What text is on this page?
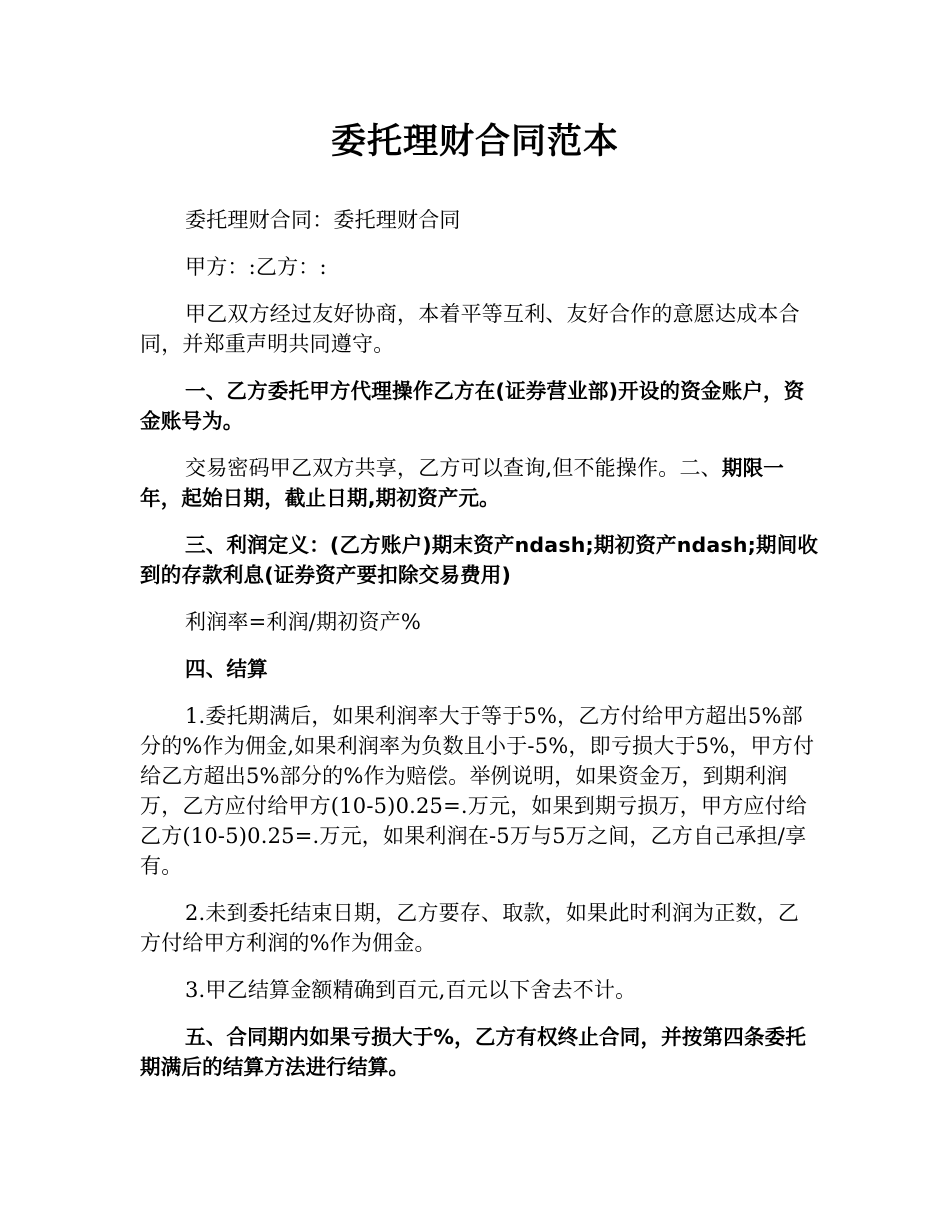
委托理财合同范本

委托理财合同：委托理财合同

甲方：:乙方：:

甲乙双方经过友好协商，本着平等互利、友好合作的意愿达成本合同，并郑重声明共同遵守。

一、乙方委托甲方代理操作乙方在(证券营业部)开设的资金账户，资金账号为。

交易密码甲乙双方共享，乙方可以查询,但不能操作。二、期限一年，起始日期，截止日期,期初资产元。

三、利润定义：(乙方账户)期末资产ndash;期初资产ndash;期间收到的存款利息(证券资产要扣除交易费用)

利润率=利润/期初资产%

四、结算

1.委托期满后，如果利润率大于等于5%，乙方付给甲方超出5%部分的%作为佣金,如果利润率为负数且小于-5%，即亏损大于5%，甲方付给乙方超出5%部分的%作为赔偿。举例说明，如果资金万，到期利润万，乙方应付给甲方(10-5)0.25=.万元，如果到期亏损万，甲方应付给乙方(10-5)0.25=.万元，如果利润在-5万与5万之间，乙方自己承担/享有。

2.未到委托结束日期，乙方要存、取款，如果此时利润为正数，乙方付给甲方利润的%作为佣金。

3.甲乙结算金额精确到百元,百元以下舍去不计。

五、合同期内如果亏损大于%，乙方有权终止合同，并按第四条委托期满后的结算方法进行结算。
